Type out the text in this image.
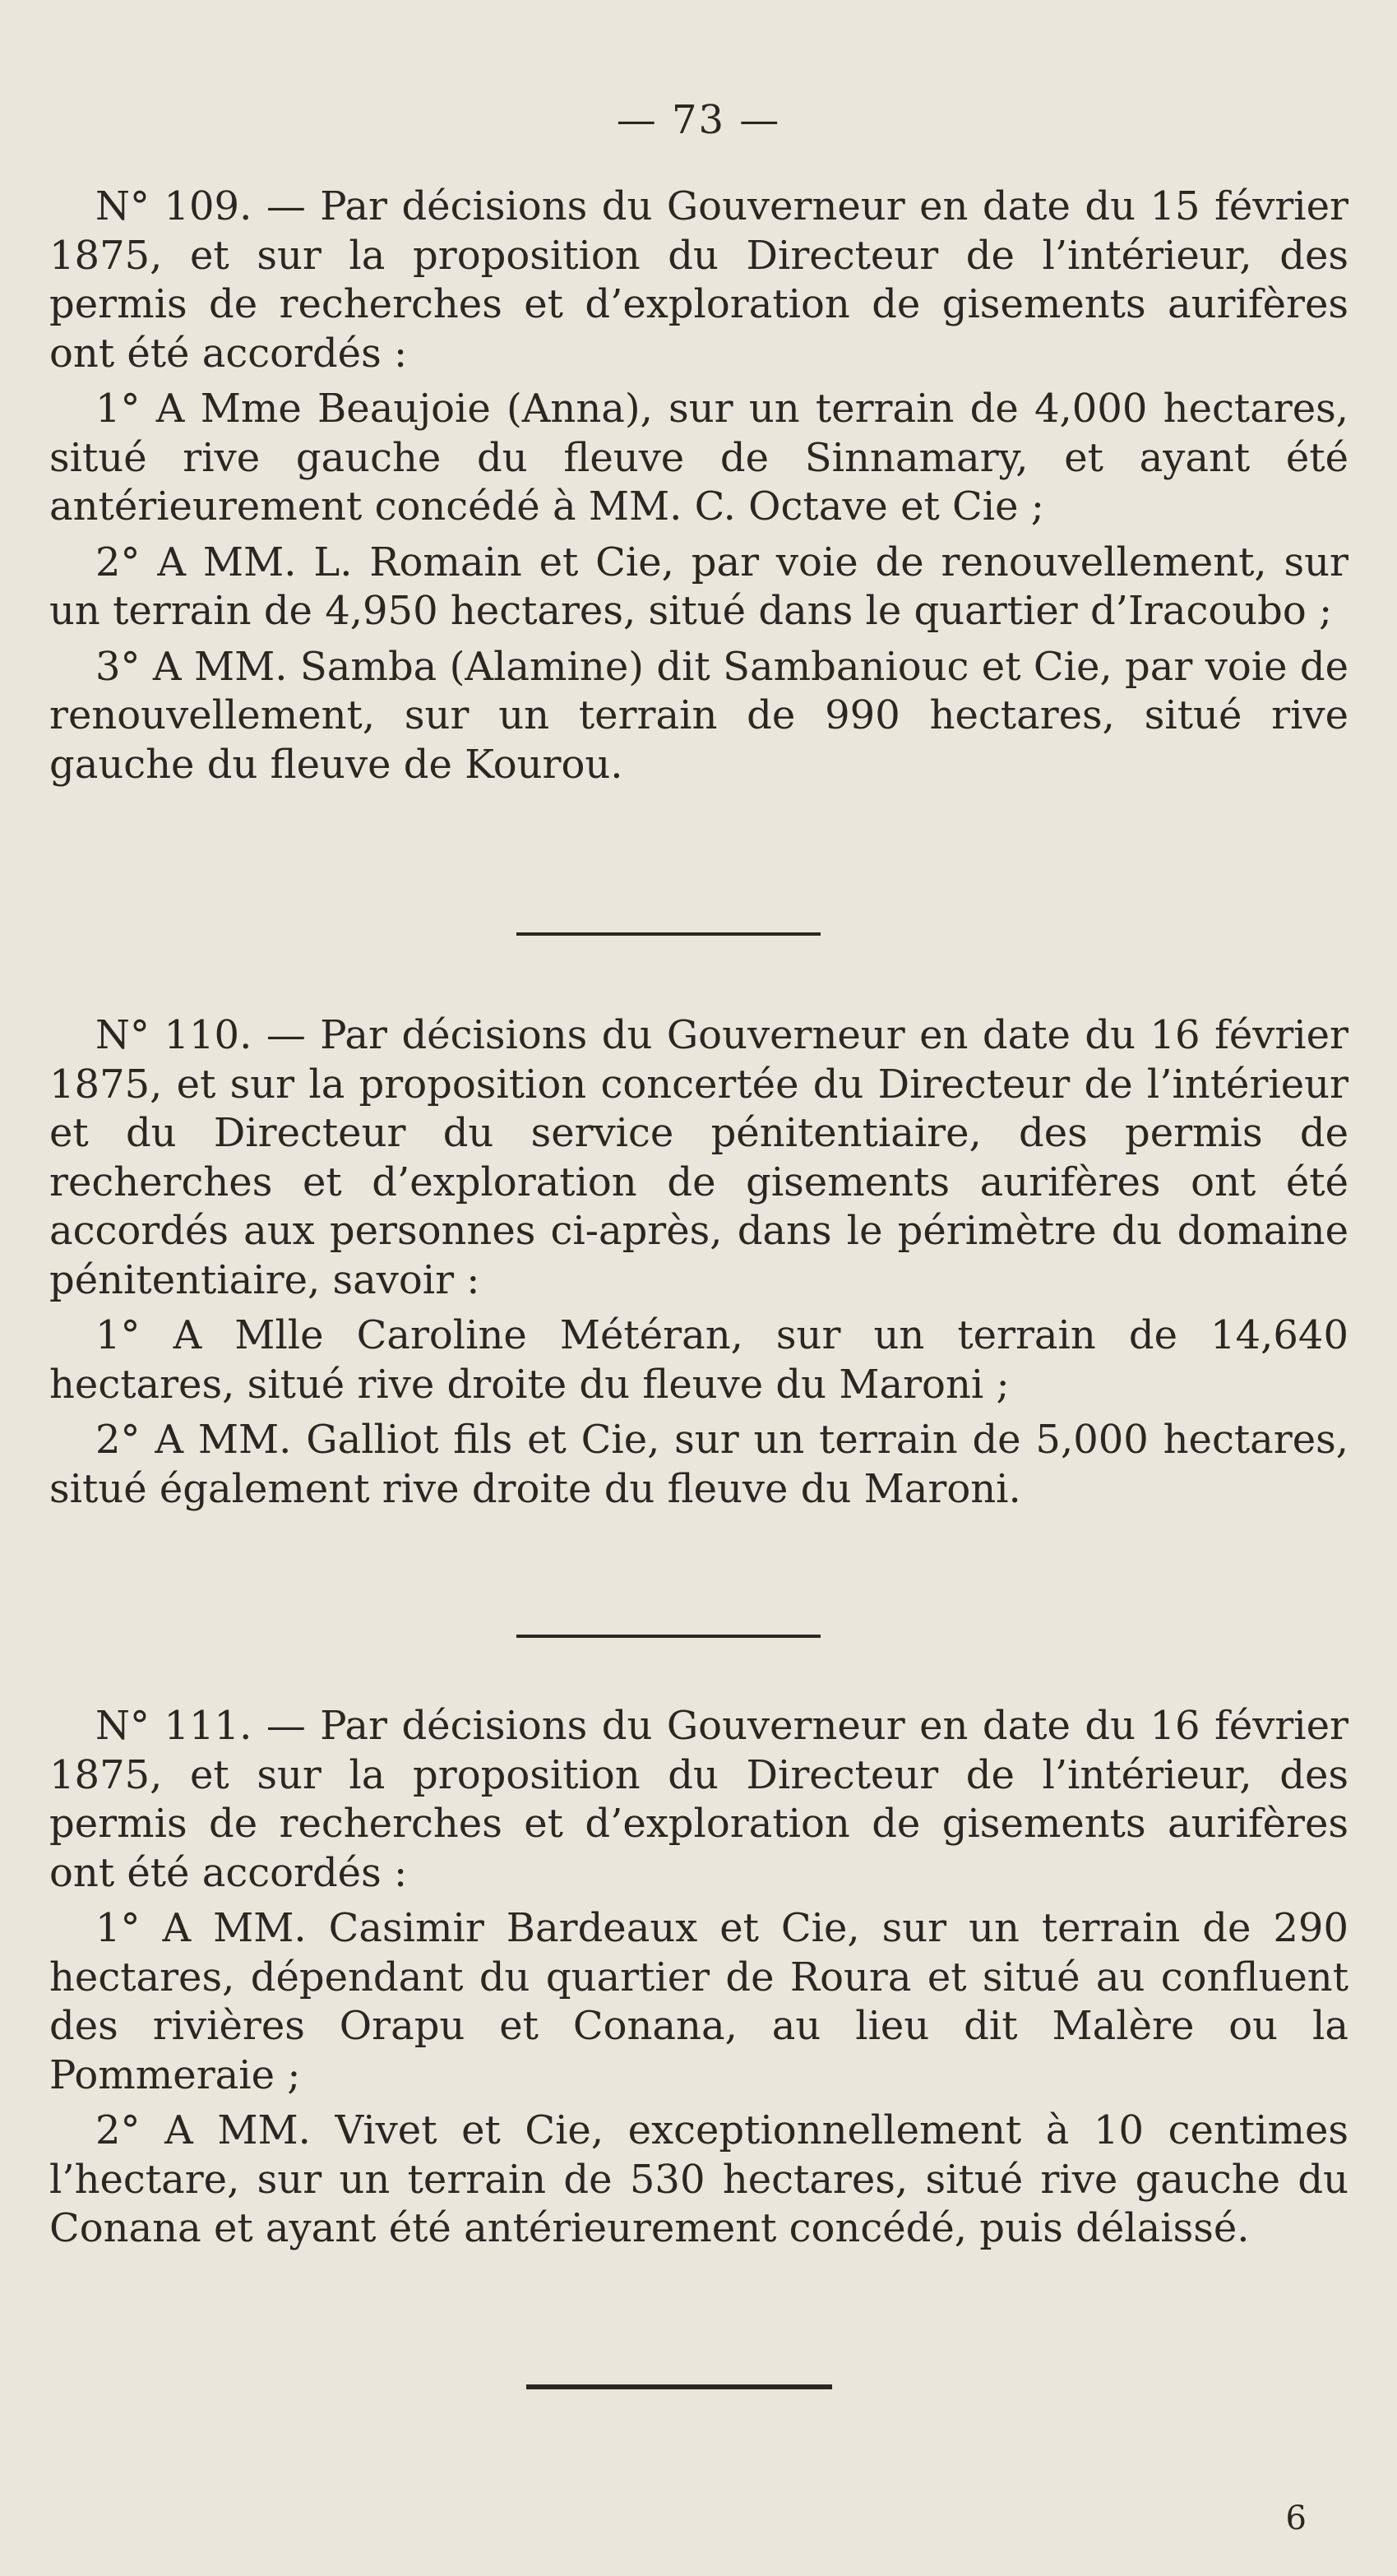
— 73 —

N° 109. — Par décisions du Gouverneur en date du 15 février 1875, et sur la proposition du Directeur de l’intérieur, des permis de recherches et d’exploration de gisements aurifères ont été accordés :

1° A Mme Beaujoie (Anna), sur un terrain de 4,000 hectares, situé rive gauche du fleuve de Sinnamary, et ayant été antérieurement concédé à MM. C. Octave et Cie ;

2° A MM. L. Romain et Cie, par voie de renouvellement, sur un terrain de 4,950 hectares, situé dans le quartier d’Iracoubo ;

3° A MM. Samba (Alamine) dit Sambaniouc et Cie, par voie de renouvellement, sur un terrain de 990 hectares, situé rive gauche du fleuve de Kourou.

N° 110. — Par décisions du Gouverneur en date du 16 février 1875, et sur la proposition concertée du Directeur de l’intérieur et du Directeur du service pénitentiaire, des permis de recherches et d’exploration de gisements aurifères ont été accordés aux personnes ci-après, dans le périmètre du domaine pénitentiaire, savoir :

1° A Mlle Caroline Météran, sur un terrain de 14,640 hectares, situé rive droite du fleuve du Maroni ;

2° A MM. Galliot fils et Cie, sur un terrain de 5,000 hectares, situé également rive droite du fleuve du Maroni.

N° 111. — Par décisions du Gouverneur en date du 16 février 1875, et sur la proposition du Directeur de l’intérieur, des permis de recherches et d’exploration de gisements aurifères ont été accordés :

1° A MM. Casimir Bardeaux et Cie, sur un terrain de 290 hectares, dépendant du quartier de Roura et situé au confluent des rivières Orapu et Conana, au lieu dit Malère ou la Pommeraie ;

2° A MM. Vivet et Cie, exceptionnellement à 10 centimes l’hectare, sur un terrain de 530 hectares, situé rive gauche du Conana et ayant été antérieurement concédé, puis délaissé.

6
